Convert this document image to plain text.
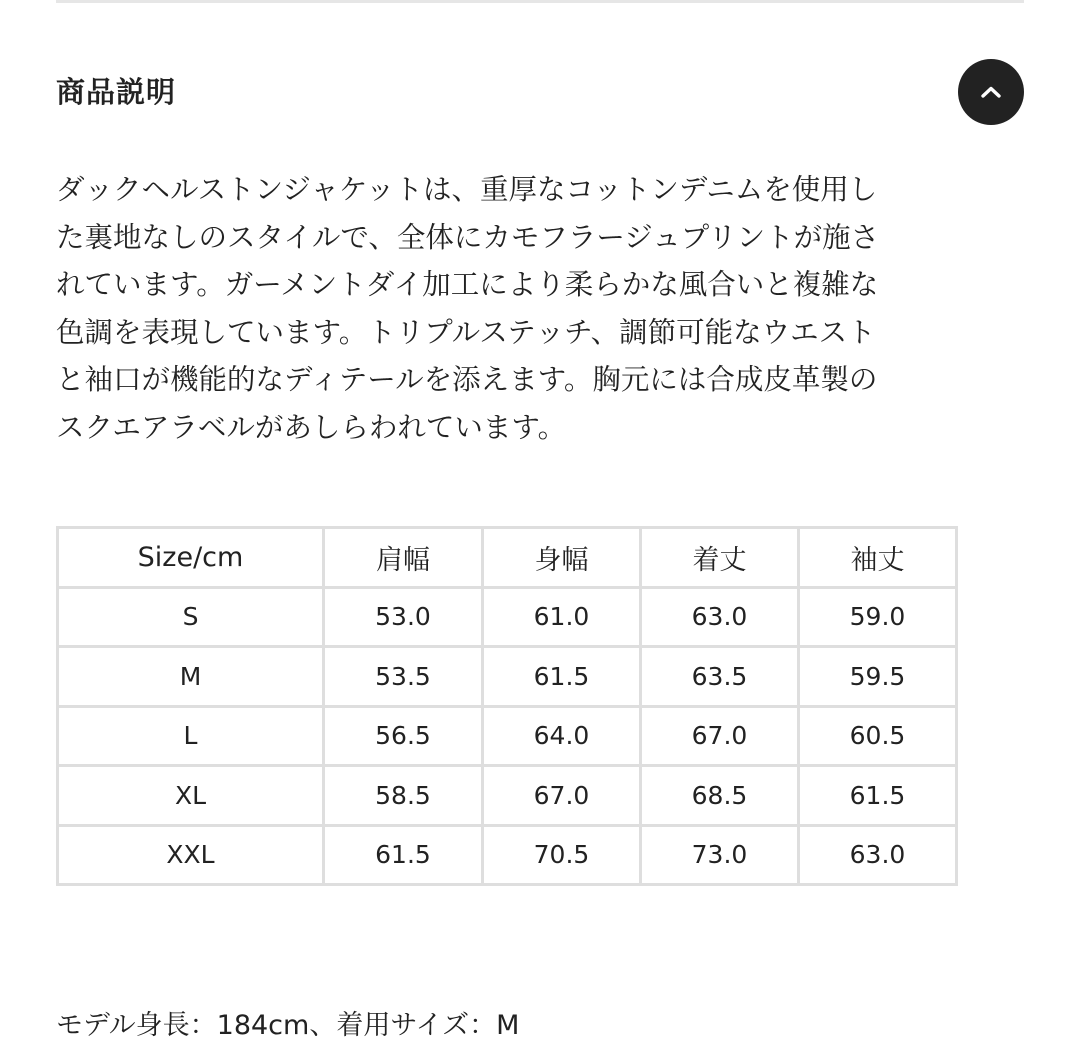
商品説明

ダックヘルストンジャケットは、重厚なコットンデニムを使用し
た裏地なしのスタイルで、全体にカモフラージュプリントが施さ
れています。ガーメントダイ加工により柔らかな風合いと複雑な
色調を表現しています。トリプルステッチ、調節可能なウエスト
と袖口が機能的なディテールを添えます。胸元には合成皮革製の
スクエアラベルがあしらわれています。

Size/cm	肩幅	身幅	着丈	袖丈
S	53.0	61.0	63.0	59.0
M	53.5	61.5	63.5	59.5
L	56.5	64.0	67.0	60.5
XL	58.5	67.0	68.5	61.5
XXL	61.5	70.5	73.0	63.0
モデル身長：184cm、着用サイズ：M
